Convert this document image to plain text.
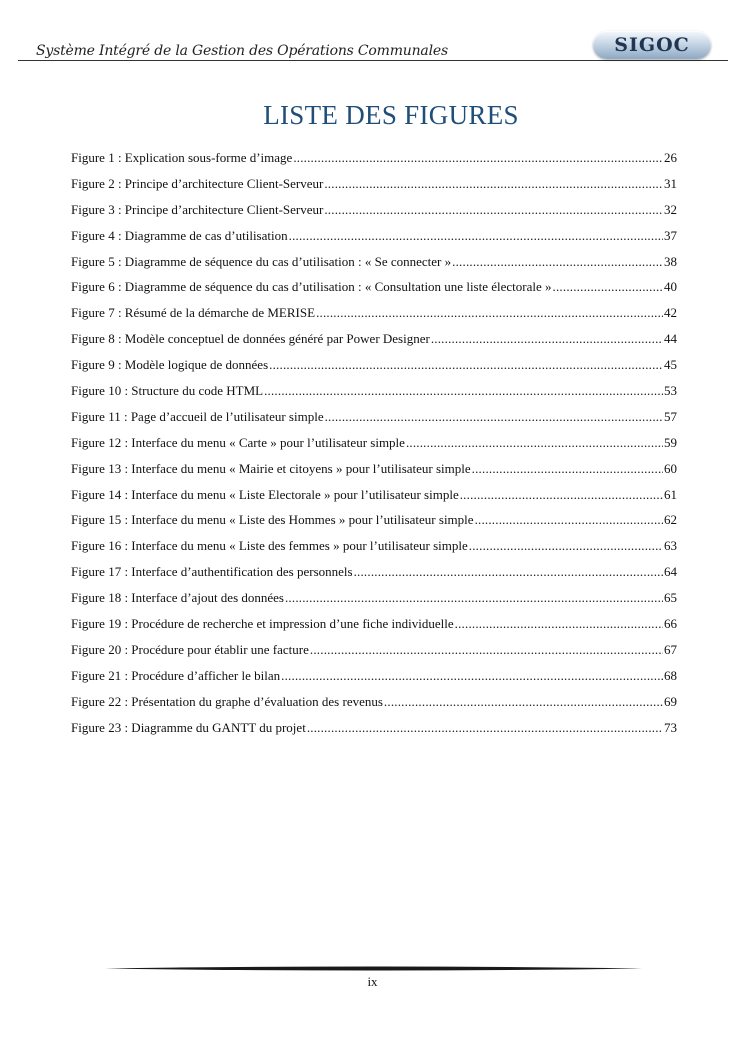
Système Intégré de la Gestion des Opérations Communales	SIGOC
LISTE DES FIGURES
Figure 1 : Explication sous-forme d’image .....	26
Figure 2 : Principe d’architecture Client-Serveur .....	31
Figure 3 : Principe d’architecture Client-Serveur .....	32
Figure 4 : Diagramme de cas d’utilisation .....	37
Figure 5 : Diagramme de séquence du cas d’utilisation : « Se connecter » .....	38
Figure 6 : Diagramme de séquence du cas d’utilisation : « Consultation une liste électorale » .....	40
Figure 7 : Résumé de la démarche de MERISE .....	42
Figure 8 : Modèle conceptuel de données généré par Power Designer .....	44
Figure 9 : Modèle logique de données .....	45
Figure 10 : Structure du code HTML .....	53
Figure 11 : Page d’accueil de l’utilisateur simple .....	57
Figure 12 : Interface du menu « Carte » pour l’utilisateur simple .....	59
Figure 13 : Interface du menu « Mairie et citoyens » pour l’utilisateur simple .....	60
Figure 14 : Interface du menu « Liste Electorale » pour l’utilisateur simple .....	61
Figure 15 : Interface du menu « Liste des Hommes » pour l’utilisateur simple .....	62
Figure 16 : Interface du menu « Liste des femmes » pour l’utilisateur simple .....	63
Figure 17 : Interface d’authentification des personnels .....	64
Figure 18 : Interface d’ajout des données .....	65
Figure 19 : Procédure de recherche et impression d’une fiche individuelle .....	66
Figure 20 : Procédure pour établir une facture .....	67
Figure 21 : Procédure d’afficher le bilan .....	68
Figure 22 : Présentation du graphe d’évaluation des revenus .....	69
Figure 23 : Diagramme du GANTT du projet .....	73
ix
